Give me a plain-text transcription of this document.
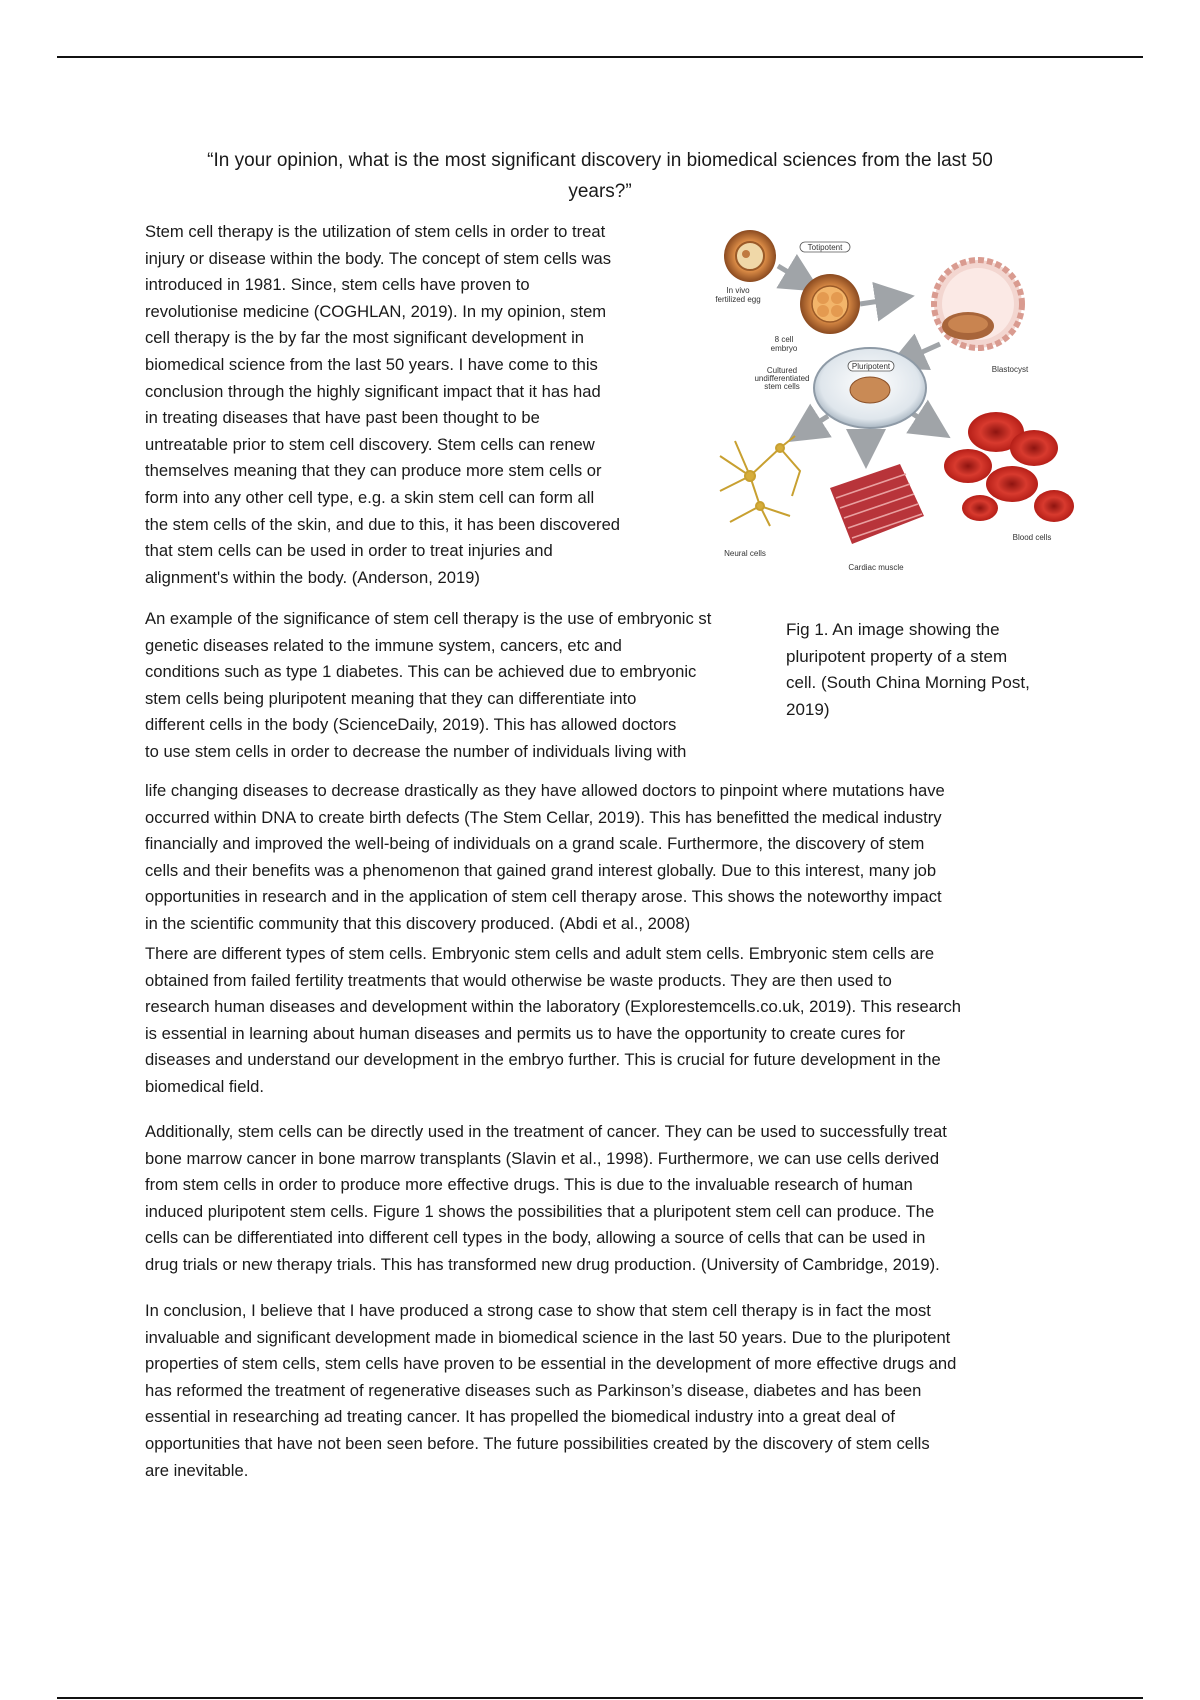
“In your opinion, what is the most significant discovery in biomedical sciences from the last 50
years?”

Stem cell therapy is the utilization of stem cells in order to treat
injury or disease within the body. The concept of stem cells was
introduced in 1981. Since, stem cells have proven to
revolutionise medicine (COGHLAN, 2019). In my opinion, stem
cell therapy is the by far the most significant development in
biomedical science from the last 50 years. I have come to this
conclusion through the highly significant impact that it has had
in treating diseases that have past been thought to be
untreatable prior to stem cell discovery. Stem cells can renew
themselves meaning that they can produce more stem cells or
form into any other cell type, e.g. a skin stem cell can form all
the stem cells of the skin, and due to this, it has been discovered
that stem cells can be used in order to treat injuries and
alignment's within the body. (Anderson, 2019)

In vivo
fertilized egg
Totipotent
8 cell
embryo
Blastocyst
Pluripotent
Cultured
undifferentiated
stem cells
Neural cells
Cardiac muscle
Blood cells
Fig 1. An image showing the
pluripotent property of a stem
cell. (South China Morning Post,
2019)

An example of the significance of stem cell therapy is the use of embryonic st
genetic diseases related to the immune system, cancers, etc and
conditions such as type 1 diabetes. This can be achieved due to embryonic
stem cells being pluripotent meaning that they can differentiate into
different cells in the body (ScienceDaily, 2019). This has allowed doctors
to use stem cells in order to decrease the number of individuals living with

life changing diseases to decrease drastically as they have allowed doctors to pinpoint where mutations have
occurred within DNA to create birth defects (The Stem Cellar, 2019). This has benefitted the medical industry
financially and improved the well-being of individuals on a grand scale. Furthermore, the discovery of stem
cells and their benefits was a phenomenon that gained grand interest globally. Due to this interest, many job
opportunities in research and in the application of stem cell therapy arose. This shows the noteworthy impact
in the scientific community that this discovery produced. (Abdi et al., 2008)

There are different types of stem cells. Embryonic stem cells and adult stem cells. Embryonic stem cells are
obtained from failed fertility treatments that would otherwise be waste products. They are then used to
research human diseases and development within the laboratory (Explorestemcells.co.uk, 2019). This research
is essential in learning about human diseases and permits us to have the opportunity to create cures for
diseases and understand our development in the embryo further. This is crucial for future development in the
biomedical field.

Additionally, stem cells can be directly used in the treatment of cancer. They can be used to successfully treat
bone marrow cancer in bone marrow transplants (Slavin et al., 1998). Furthermore, we can use cells derived
from stem cells in order to produce more effective drugs. This is due to the invaluable research of human
induced pluripotent stem cells. Figure 1 shows the possibilities that a pluripotent stem cell can produce. The
cells can be differentiated into different cell types in the body, allowing a source of cells that can be used in
drug trials or new therapy trials. This has transformed new drug production. (University of Cambridge, 2019).

In conclusion, I believe that I have produced a strong case to show that stem cell therapy is in fact the most
invaluable and significant development made in biomedical science in the last 50 years. Due to the pluripotent
properties of stem cells, stem cells have proven to be essential in the development of more effective drugs and
has reformed the treatment of regenerative diseases such as Parkinson’s disease, diabetes and has been
essential in researching ad treating cancer. It has propelled the biomedical industry into a great deal of
opportunities that have not been seen before. The future possibilities created by the discovery of stem cells
are inevitable.
